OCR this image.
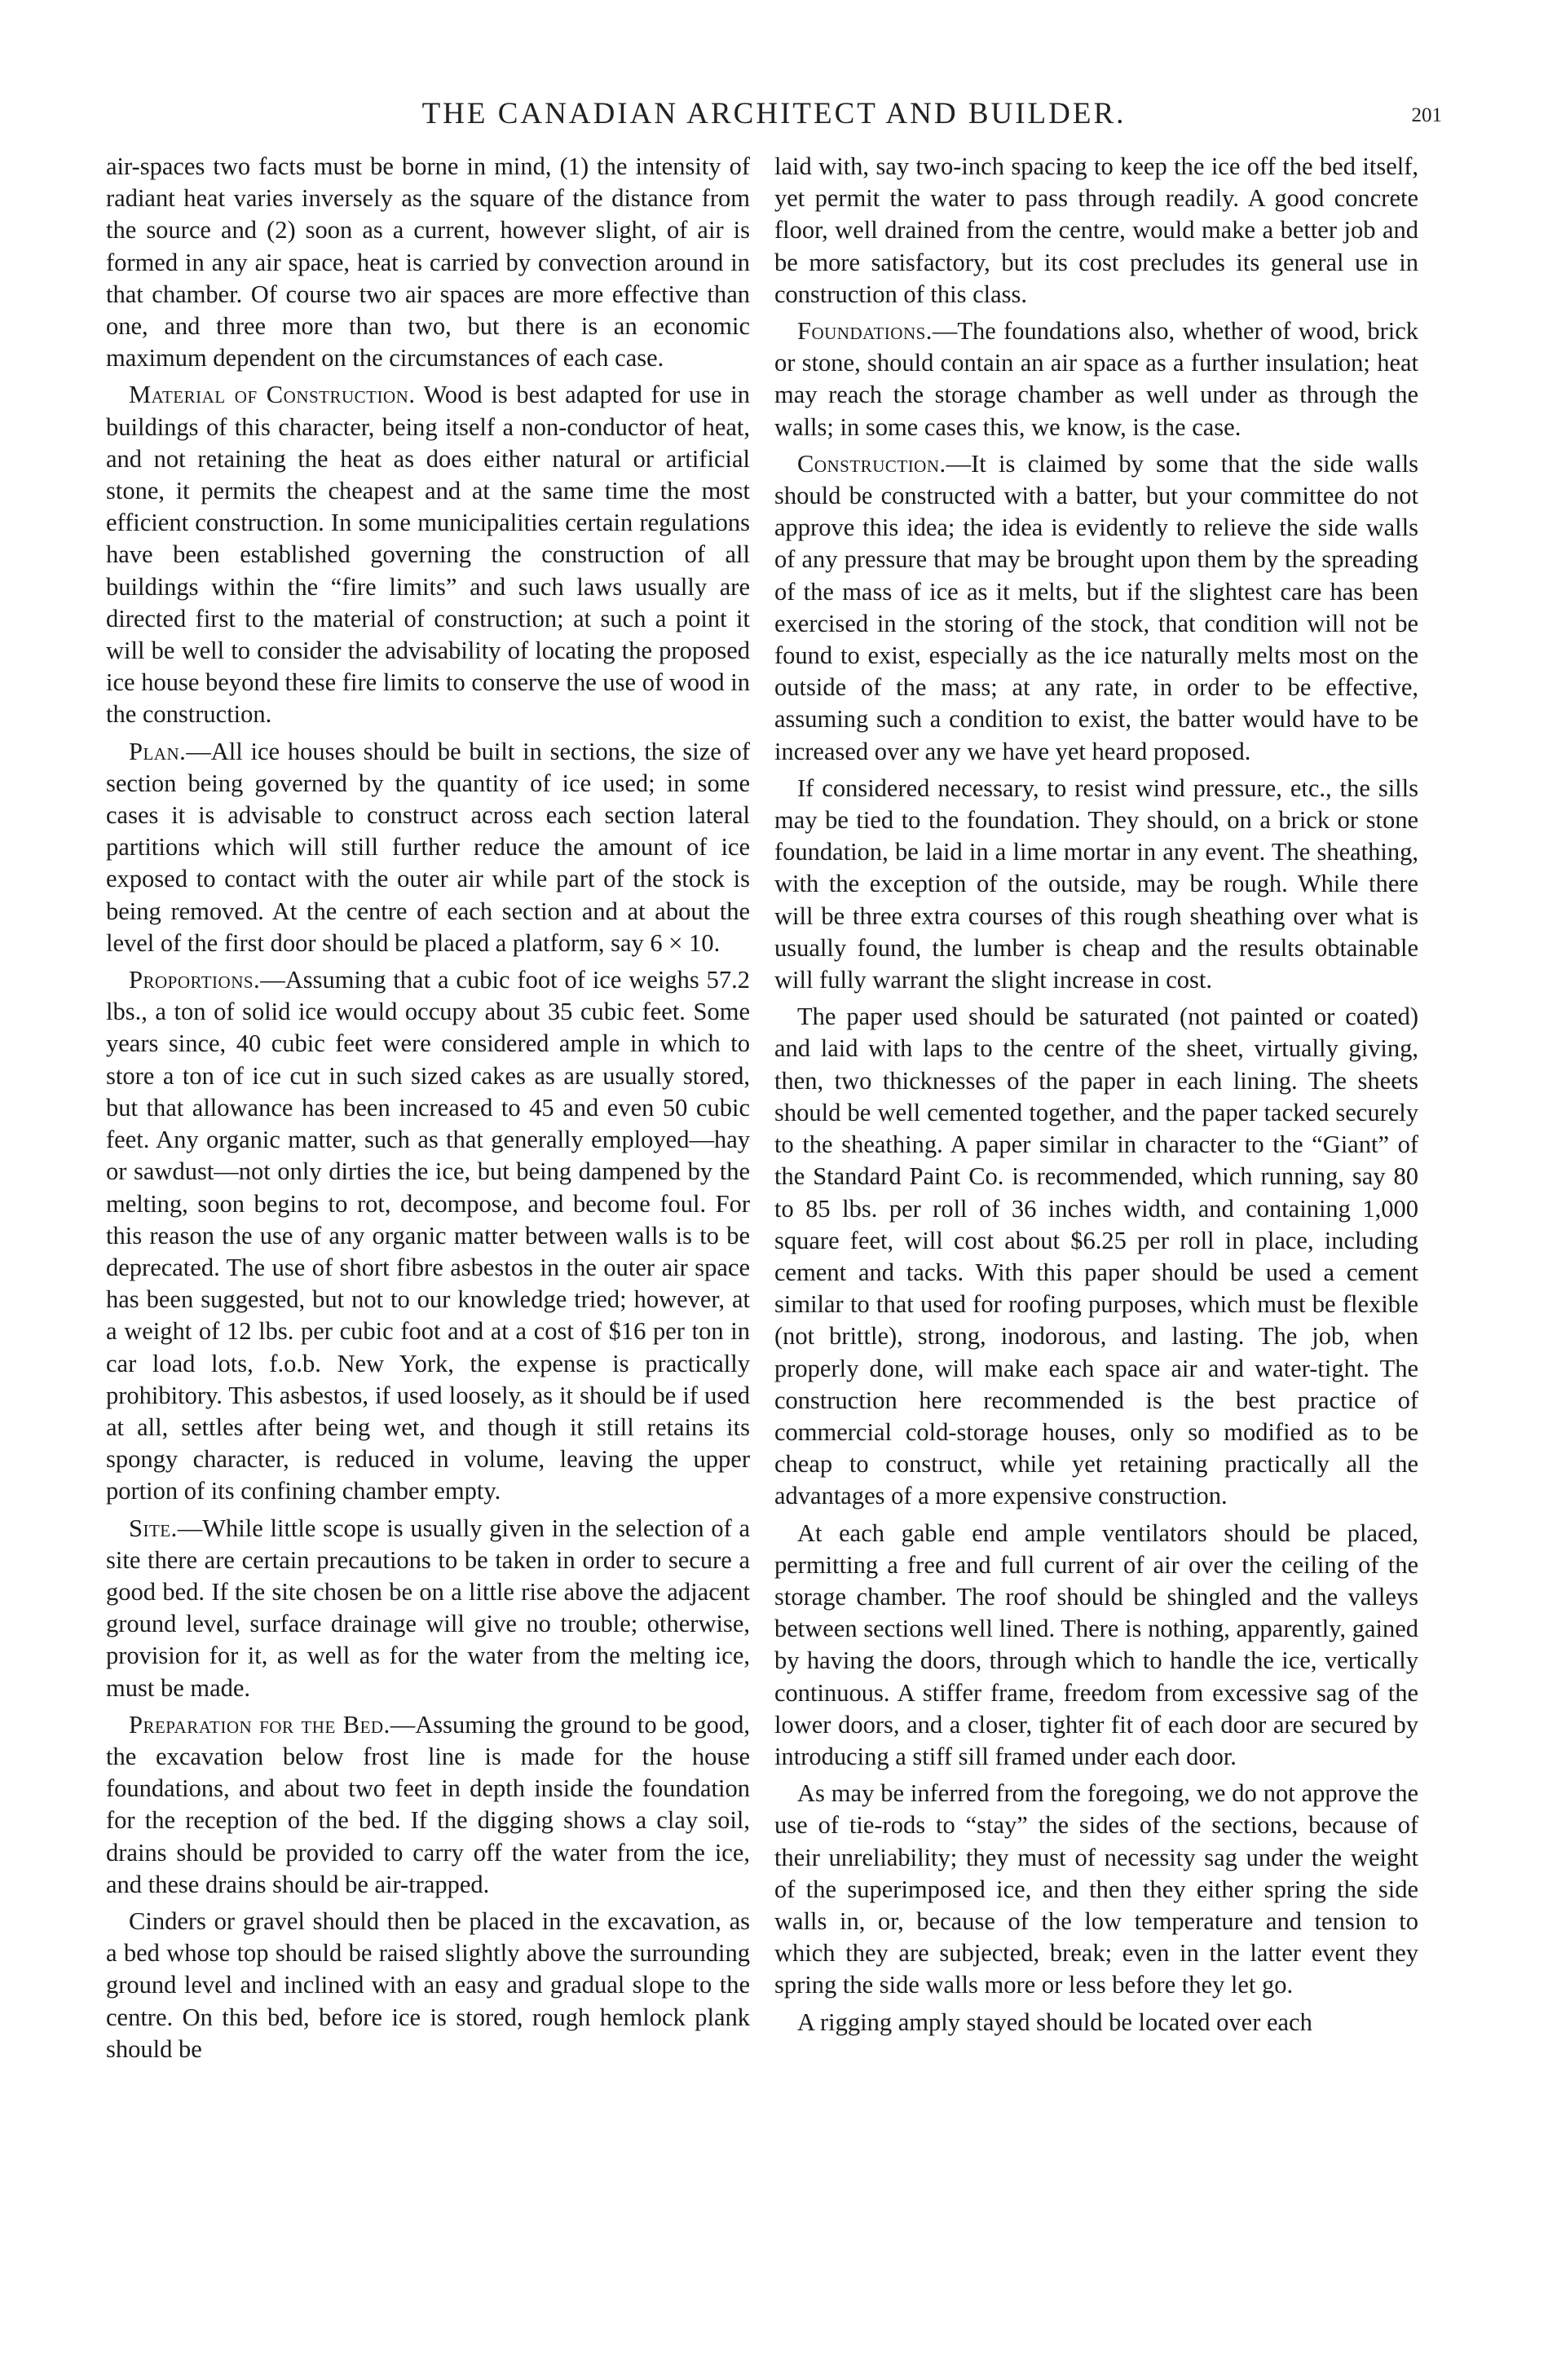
THE CANADIAN ARCHITECT AND BUILDER.	201

air-spaces two facts must be borne in mind, (1) the intensity of radiant heat varies inversely as the square of the distance from the source and (2) soon as a current, however slight, of air is formed in any air space, heat is carried by convection around in that chamber. Of course two air spaces are more effective than one, and three more than two, but there is an economic maximum dependent on the circumstances of each case.

Material of Construction. Wood is best adapted for use in buildings of this character, being itself a non-conductor of heat, and not retaining the heat as does either natural or artificial stone, it permits the cheapest and at the same time the most efficient construction. In some municipalities certain regulations have been established governing the construction of all buildings within the “fire limits” and such laws usually are directed first to the material of construction; at such a point it will be well to consider the advisability of locating the proposed ice house beyond these fire limits to conserve the use of wood in the construction.

Plan.—All ice houses should be built in sections, the size of section being governed by the quantity of ice used; in some cases it is advisable to construct across each section lateral partitions which will still further reduce the amount of ice exposed to contact with the outer air while part of the stock is being removed. At the centre of each section and at about the level of the first door should be placed a platform, say 6 × 10.

Proportions.—Assuming that a cubic foot of ice weighs 57.2 lbs., a ton of solid ice would occupy about 35 cubic feet. Some years since, 40 cubic feet were considered ample in which to store a ton of ice cut in such sized cakes as are usually stored, but that allowance has been increased to 45 and even 50 cubic feet. Any organic matter, such as that generally employed—hay or sawdust—not only dirties the ice, but being dampened by the melting, soon begins to rot, decompose, and become foul. For this reason the use of any organic matter between walls is to be deprecated. The use of short fibre asbestos in the outer air space has been suggested, but not to our knowledge tried; however, at a weight of 12 lbs. per cubic foot and at a cost of $16 per ton in car load lots, f.o.b. New York, the expense is practically prohibitory. This asbestos, if used loosely, as it should be if used at all, settles after being wet, and though it still retains its spongy character, is reduced in volume, leaving the upper portion of its confining chamber empty.

Site.—While little scope is usually given in the selection of a site there are certain precautions to be taken in order to secure a good bed. If the site chosen be on a little rise above the adjacent ground level, surface drainage will give no trouble; otherwise, provision for it, as well as for the water from the melting ice, must be made.

Preparation for the Bed.—Assuming the ground to be good, the excavation below frost line is made for the house foundations, and about two feet in depth inside the foundation for the reception of the bed. If the digging shows a clay soil, drains should be provided to carry off the water from the ice, and these drains should be air-trapped.

Cinders or gravel should then be placed in the excavation, as a bed whose top should be raised slightly above the surrounding ground level and inclined with an easy and gradual slope to the centre. On this bed, before ice is stored, rough hemlock plank should be

laid with, say two-inch spacing to keep the ice off the bed itself, yet permit the water to pass through readily. A good concrete floor, well drained from the centre, would make a better job and be more satisfactory, but its cost precludes its general use in construction of this class.

Foundations.—The foundations also, whether of wood, brick or stone, should contain an air space as a further insulation; heat may reach the storage chamber as well under as through the walls; in some cases this, we know, is the case.

Construction.—It is claimed by some that the side walls should be constructed with a batter, but your committee do not approve this idea; the idea is evidently to relieve the side walls of any pressure that may be brought upon them by the spreading of the mass of ice as it melts, but if the slightest care has been exercised in the storing of the stock, that condition will not be found to exist, especially as the ice naturally melts most on the outside of the mass; at any rate, in order to be effective, assuming such a condition to exist, the batter would have to be increased over any we have yet heard proposed.

If considered necessary, to resist wind pressure, etc., the sills may be tied to the foundation. They should, on a brick or stone foundation, be laid in a lime mortar in any event. The sheathing, with the exception of the outside, may be rough. While there will be three extra courses of this rough sheathing over what is usually found, the lumber is cheap and the results obtainable will fully warrant the slight increase in cost.

The paper used should be saturated (not painted or coated) and laid with laps to the centre of the sheet, virtually giving, then, two thicknesses of the paper in each lining. The sheets should be well cemented together, and the paper tacked securely to the sheathing. A paper similar in character to the “Giant” of the Standard Paint Co. is recommended, which running, say 80 to 85 lbs. per roll of 36 inches width, and containing 1,000 square feet, will cost about $6.25 per roll in place, including cement and tacks. With this paper should be used a cement similar to that used for roofing purposes, which must be flexible (not brittle), strong, inodorous, and lasting. The job, when properly done, will make each space air and water-tight. The construction here recommended is the best practice of commercial cold-storage houses, only so modified as to be cheap to construct, while yet retaining practically all the advantages of a more expensive construction.

At each gable end ample ventilators should be placed, permitting a free and full current of air over the ceiling of the storage chamber. The roof should be shingled and the valleys between sections well lined. There is nothing, apparently, gained by having the doors, through which to handle the ice, vertically continuous. A stiffer frame, freedom from excessive sag of the lower doors, and a closer, tighter fit of each door are secured by introducing a stiff sill framed under each door.

As may be inferred from the foregoing, we do not approve the use of tie-rods to “stay” the sides of the sections, because of their unreliability; they must of necessity sag under the weight of the superimposed ice, and then they either spring the side walls in, or, because of the low temperature and tension to which they are subjected, break; even in the latter event they spring the side walls more or less before they let go.

A rigging amply stayed should be located over each
